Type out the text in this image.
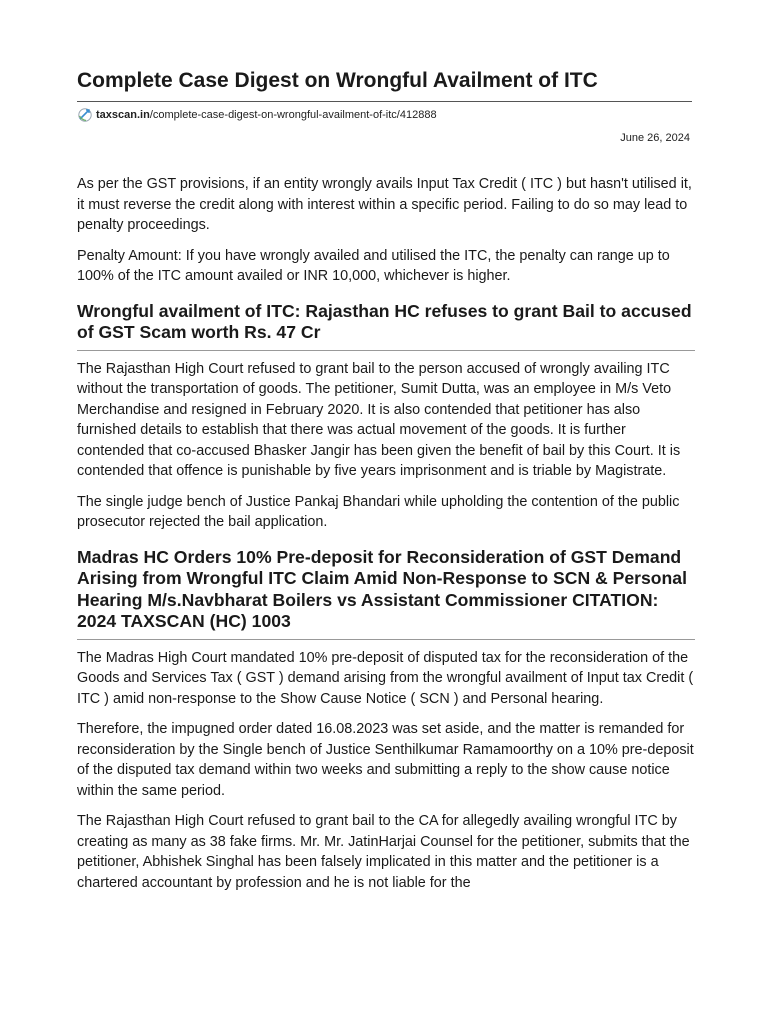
Complete Case Digest on Wrongful Availment of ITC
taxscan.in /complete-case-digest-on-wrongful-availment-of-itc/412888
June 26, 2024

As per the GST provisions, if an entity wrongly avails Input Tax Credit ( ITC ) but hasn't utilised it, it must reverse the credit along with interest within a specific period. Failing to do so may lead to penalty proceedings.

Penalty Amount: If you have wrongly availed and utilised the ITC, the penalty can range up to 100% of the ITC amount availed or INR 10,000, whichever is higher.

Wrongful availment of ITC: Rajasthan HC refuses to grant Bail to accused of GST Scam worth Rs. 47 Cr

The Rajasthan High Court refused to grant bail to the person accused of wrongly availing ITC without the transportation of goods. The petitioner, Sumit Dutta, was an employee in M/s Veto Merchandise and resigned in February 2020. It is also contended that petitioner has also furnished details to establish that there was actual movement of the goods. It is further contended that co-accused Bhasker Jangir has been given the benefit of bail by this Court. It is contended that offence is punishable by five years imprisonment and is triable by Magistrate.

The single judge bench of Justice Pankaj Bhandari while upholding the contention of the public prosecutor rejected the bail application.

Madras HC Orders 10% Pre-deposit for Reconsideration of GST Demand Arising from Wrongful ITC Claim Amid Non-Response to SCN & Personal Hearing M/s.Navbharat Boilers vs Assistant Commissioner CITATION: 2024 TAXSCAN (HC) 1003

The Madras High Court mandated 10% pre-deposit of disputed tax for the reconsideration of the Goods and Services Tax ( GST ) demand arising from the wrongful availment of Input tax Credit ( ITC ) amid non-response to the Show Cause Notice ( SCN ) and Personal hearing.

Therefore, the impugned order dated 16.08.2023 was set aside, and the matter is remanded for reconsideration by the Single bench of Justice Senthilkumar Ramamoorthy on a 10% pre-deposit of the disputed tax demand within two weeks and submitting a reply to the show cause notice within the same period.

The Rajasthan High Court refused to grant bail to the CA for allegedly availing wrongful ITC by creating as many as 38 fake firms. Mr. Mr. JatinHarjai Counsel for the petitioner, submits that the petitioner, Abhishek Singhal has been falsely implicated in this matter and the petitioner is a chartered accountant by profession and he is not liable for the
